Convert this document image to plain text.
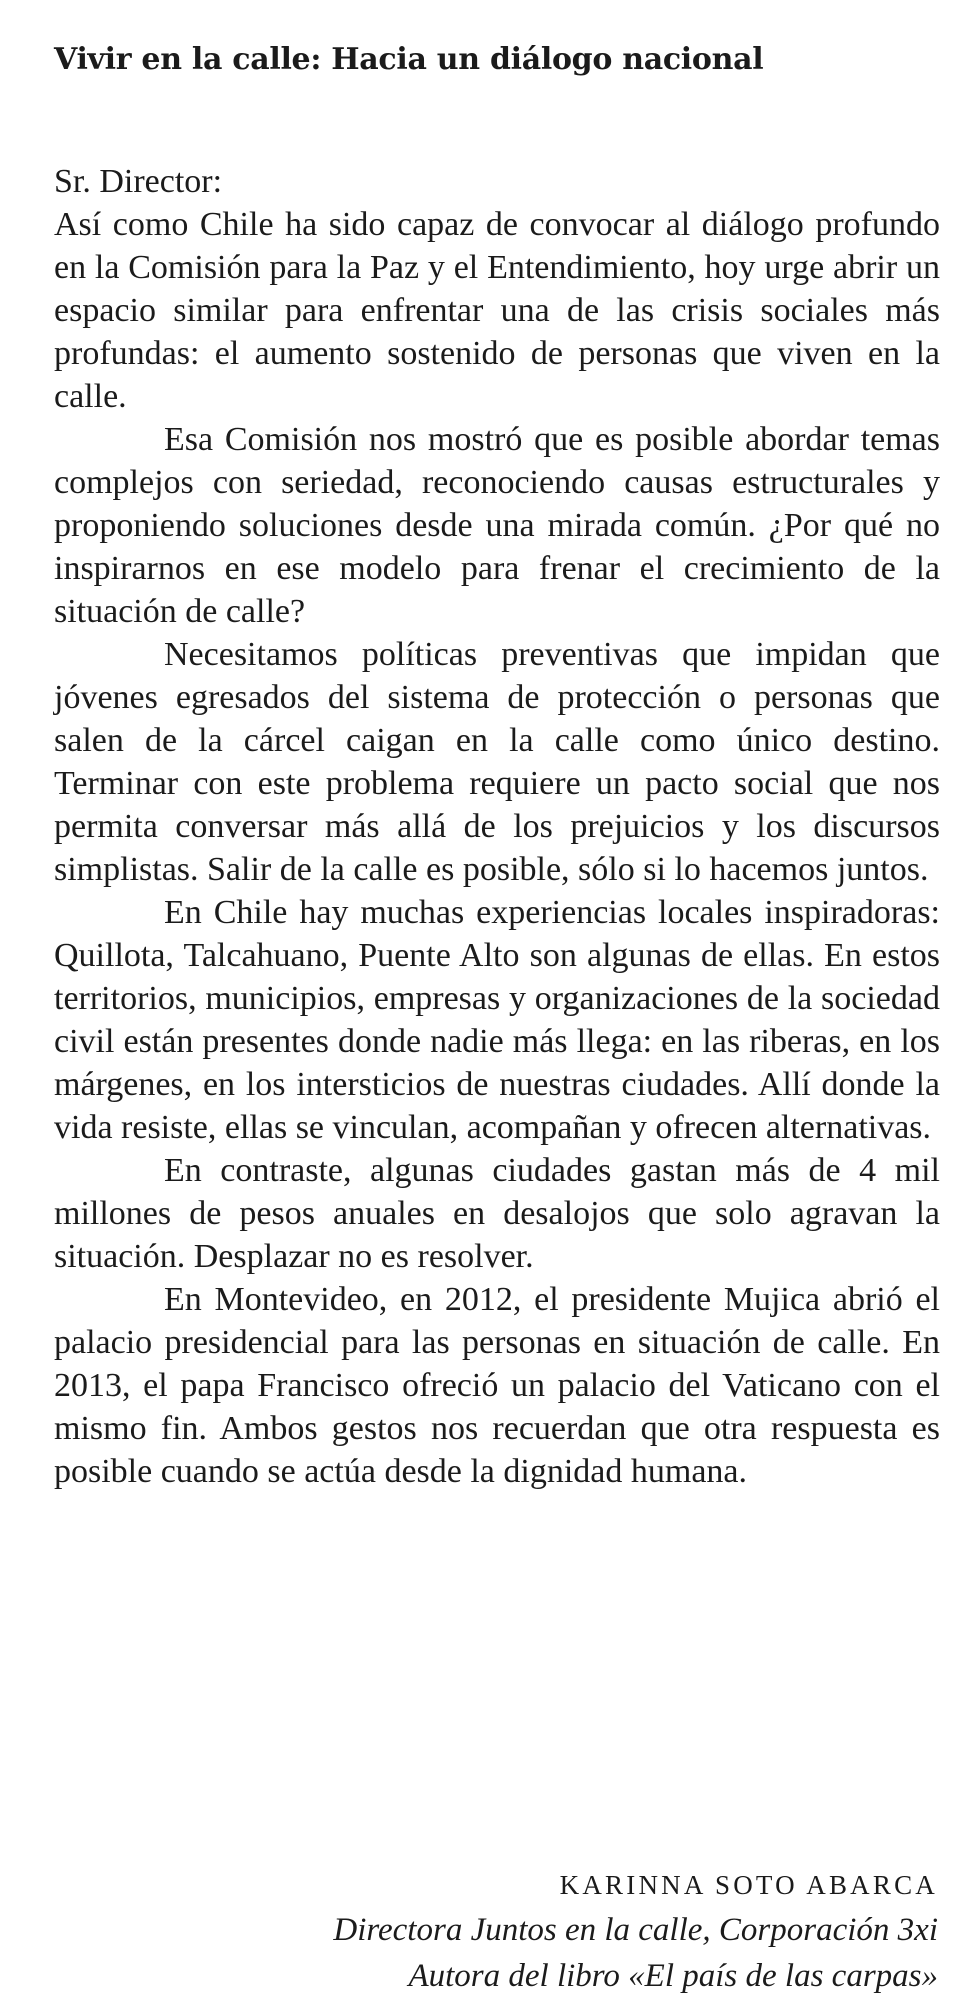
Vivir en la calle: Hacia un diálogo nacional

Sr. Director:

Así como Chile ha sido capaz de convocar al diálogo profundo en la Comisión para la Paz y el Entendimiento, hoy urge abrir un espacio similar para enfrentar una de las crisis sociales más profundas: el aumento sostenido de personas que viven en la calle.

Esa Comisión nos mostró que es posible abordar temas complejos con seriedad, reconociendo causas estructurales y proponiendo soluciones desde una mirada común. ¿Por qué no inspirarnos en ese modelo para frenar el crecimiento de la situación de calle?

Necesitamos políticas preventivas que impidan que jóvenes egresados del sistema de protección o personas que salen de la cárcel caigan en la calle como único destino. Terminar con este problema requiere un pacto social que nos permita conversar más allá de los prejuicios y los discursos simplistas. Salir de la calle es posible, sólo si lo hacemos juntos.

En Chile hay muchas experiencias locales inspiradoras: Quillota, Talcahuano, Puente Alto son algunas de ellas. En estos territorios, municipios, empresas y organizaciones de la sociedad civil están presentes donde nadie más llega: en las riberas, en los márgenes, en los intersticios de nuestras ciudades. Allí donde la vida resiste, ellas se vinculan, acompañan y ofrecen alternativas.

En contraste, algunas ciudades gastan más de 4 mil millones de pesos anuales en desalojos que solo agravan la situación. Desplazar no es resolver.

En Montevideo, en 2012, el presidente Mujica abrió el palacio presidencial para las personas en situación de calle. En 2013, el papa Francisco ofreció un palacio del Vaticano con el mismo fin. Ambos gestos nos recuerdan que otra respuesta es posible cuando se actúa desde la dignidad humana.

KARINNA SOTO ABARCA

Directora Juntos en la calle, Corporación 3xi

Autora del libro «El país de las carpas»
